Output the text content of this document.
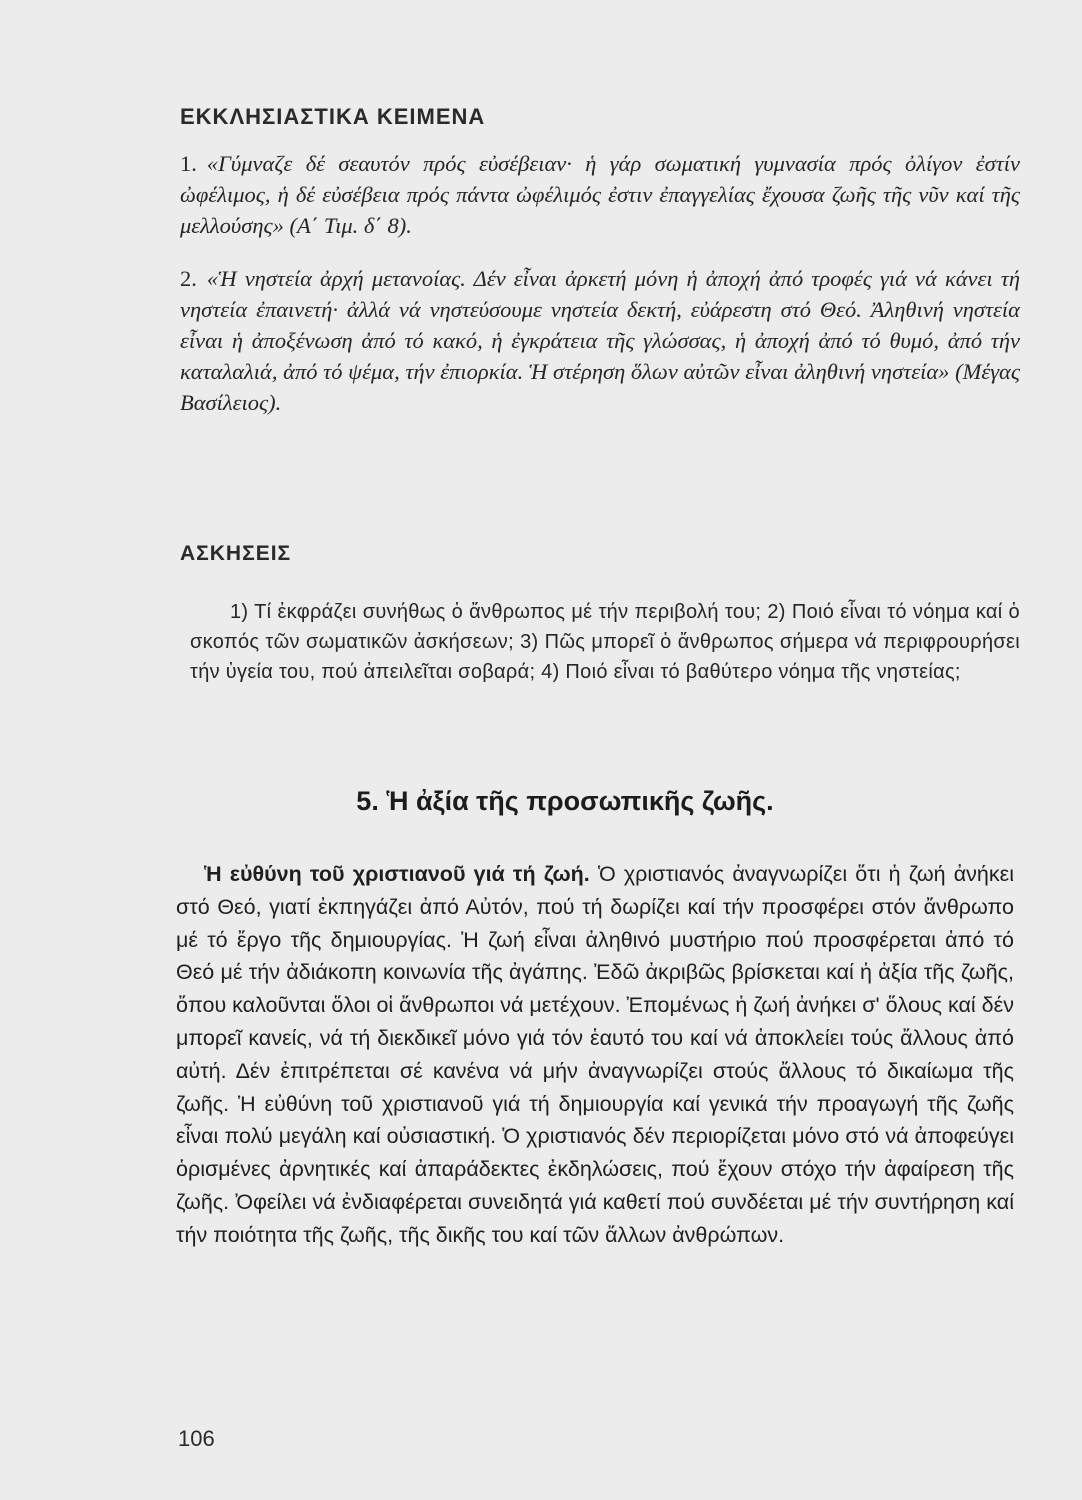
ΕΚΚΛΗΣΙΑΣΤΙΚΑ ΚΕΙΜΕΝΑ

1. «Γύμναζε δέ σεαυτόν πρός εὐσέβειαν· ἡ γάρ σωματική γυμνασία πρός ὀλίγον ἐστίν ὠφέλιμος, ἡ δέ εὐσέβεια πρός πάντα ὠφέλιμός ἐστιν ἐπαγγελίας ἔχουσα ζωῆς τῆς νῦν καί τῆς μελλούσης» (Α΄ Τιμ. δ΄ 8).

2. «Ἡ νηστεία ἀρχή μετανοίας. Δέν εἶναι ἀρκετή μόνη ἡ ἀποχή ἀπό τροφές γιά νά κάνει τή νηστεία ἐπαινετή· ἀλλά νά νηστεύσουμε νηστεία δεκτή, εὐάρεστη στό Θεό. Ἀληθινή νηστεία εἶναι ἡ ἀποξένωση ἀπό τό κακό, ἡ ἐγκράτεια τῆς γλώσσας, ἡ ἀποχή ἀπό τό θυμό, ἀπό τήν καταλαλιά, ἀπό τό ψέμα, τήν ἐπιορκία. Ἡ στέρηση ὅλων αὐτῶν εἶναι ἀληθινή νηστεία» (Μέγας Βασίλειος).

ΑΣΚΗΣΕΙΣ

1) Τί ἐκφράζει συνήθως ὁ ἄνθρωπος μέ τήν περιβολή του; 2) Ποιό εἶναι τό νόημα καί ὁ σκοπός τῶν σωματικῶν ἀσκήσεων; 3) Πῶς μπορεῖ ὁ ἄνθρωπος σήμερα νά περιφρουρήσει τήν ὑγεία του, πού ἀπειλεῖται σοβαρά; 4) Ποιό εἶναι τό βαθύτερο νόημα τῆς νηστείας;

5. Ἡ ἀξία τῆς προσωπικῆς ζωῆς.

Ἡ εὐθύνη τοῦ χριστιανοῦ γιά τή ζωή. Ὁ χριστιανός ἀναγνωρίζει ὅτι ἡ ζωή ἀνήκει στό Θεό, γιατί ἐκπηγάζει ἀπό Αὐτόν, πού τή δωρίζει καί τήν προσφέρει στόν ἄνθρωπο μέ τό ἔργο τῆς δημιουργίας. Ἡ ζωή εἶναι ἀληθινό μυστήριο πού προσφέρεται ἀπό τό Θεό μέ τήν ἀδιάκοπη κοινωνία τῆς ἀγάπης. Ἐδῶ ἀκριβῶς βρίσκεται καί ἡ ἀξία τῆς ζωῆς, ὅπου καλοῦνται ὅλοι οἱ ἄνθρωποι νά μετέχουν. Ἐπομένως ἡ ζωή ἀνήκει σ' ὅλους καί δέν μπορεῖ κανείς, νά τή διεκδικεῖ μόνο γιά τόν ἑαυτό του καί νά ἀποκλείει τούς ἄλλους ἀπό αὐτή. Δέν ἐπιτρέπεται σέ κανένα νά μήν ἀναγνωρίζει στούς ἄλλους τό δικαίωμα τῆς ζωῆς. Ἡ εὐθύνη τοῦ χριστιανοῦ γιά τή δημιουργία καί γενικά τήν προαγωγή τῆς ζωῆς εἶναι πολύ μεγάλη καί οὐσιαστική. Ὁ χριστιανός δέν περιορίζεται μόνο στό νά ἀποφεύγει ὁρισμένες ἀρνητικές καί ἀπαράδεκτες ἐκδηλώσεις, πού ἔχουν στόχο τήν ἀφαίρεση τῆς ζωῆς. Ὀφείλει νά ἐνδιαφέρεται συνειδητά γιά καθετί πού συνδέεται μέ τήν συντήρηση καί τήν ποιότητα τῆς ζωῆς, τῆς δικῆς του καί τῶν ἄλλων ἀνθρώπων.

106
